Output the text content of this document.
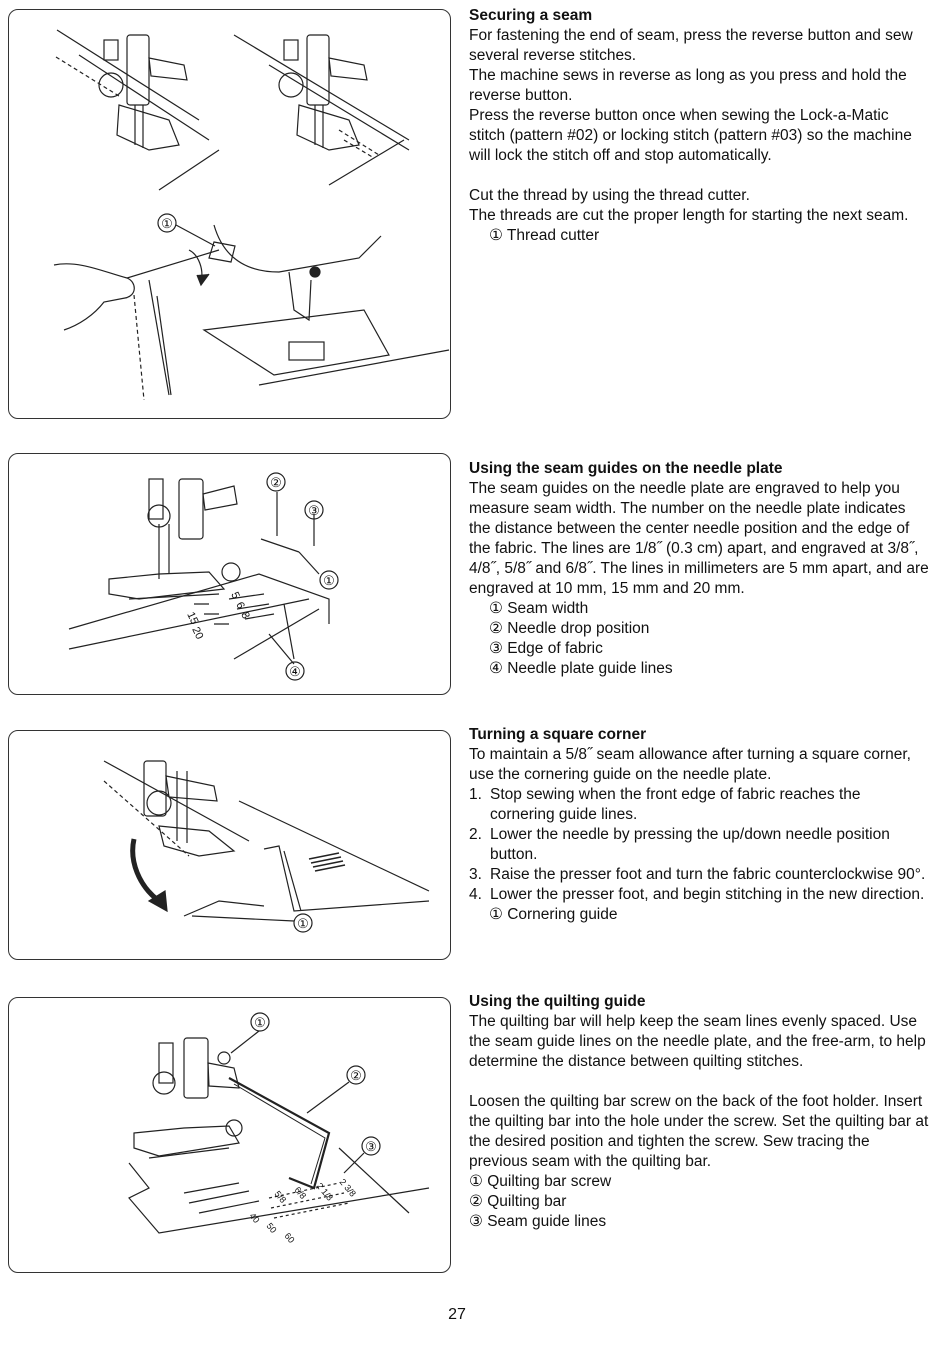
①
Securing a seam

For fastening the end of seam, press the reverse button and sew several reverse stitches.

The machine sews in reverse as long as you press and hold the reverse button.

Press the reverse button once when sewing the Lock-a-Matic stitch (pattern #02) or locking stitch (pattern #03) so the machine will lock the stitch off and stop automatically.

Cut the thread by using the thread cutter.

The threads are cut the proper length for starting the next seam.

① Thread cutter

5
6
8
15
20
②
③
①
④
Using the seam guides on the needle plate

The seam guides on the needle plate are engraved to help you measure seam width. The number on the needle plate indicates the distance between the center needle position and the edge of the fabric. The lines are 1/8˝ (0.3 cm) apart, and engraved at 3/8˝, 4/8˝, 5/8˝ and 6/8˝. The lines in millimeters are 5 mm apart, and are engraved at 10 mm, 15 mm and 20 mm.

① Seam width

② Needle drop position

③ Edge of fabric

④ Needle plate guide lines

①
Turning a square corner

To maintain a 5/8˝ seam allowance after turning a square corner, use the cornering guide on the needle plate.

1. Stop sewing when the front edge of fabric reaches the cornering guide lines.
2. Lower the needle by pressing the up/down needle position button.
3. Raise the presser foot and turn the fabric counterclockwise 90°.
4. Lower the presser foot, and begin stitching in the new direction.

① Cornering guide

40
50
60
5/8 6/8 2 1/8 2 3/8
①
②
③
Using the quilting guide

The quilting bar will help keep the seam lines evenly spaced. Use the seam guide lines on the needle plate, and the free-arm, to help determine the distance between quilting stitches.

Loosen the quilting bar screw on the back of the foot holder. Insert the quilting bar into the hole under the screw. Set the quilting bar at the desired position and tighten the screw. Sew tracing the previous seam with the quilting bar.

① Quilting bar screw

② Quilting bar

③ Seam guide lines

27
